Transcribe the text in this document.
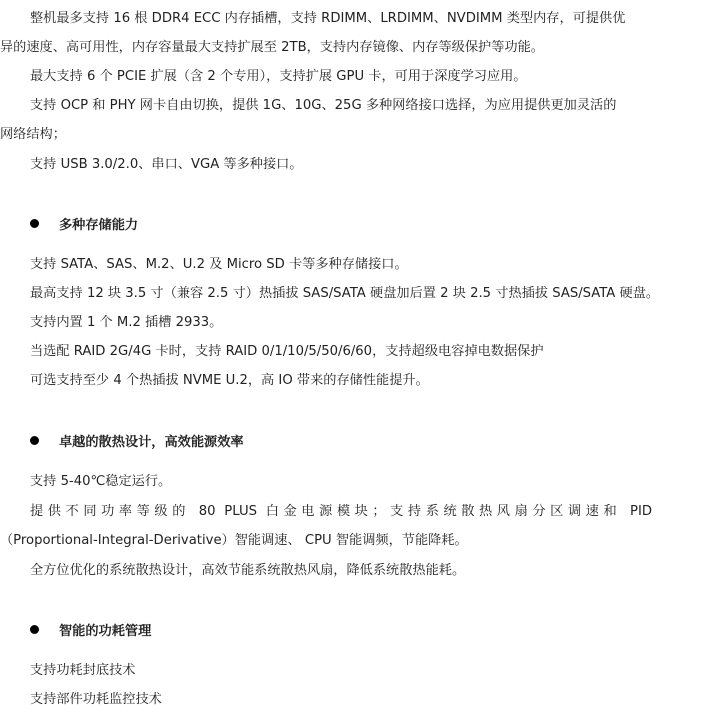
整机最多支持 16 根 DDR4 ECC 内存插槽，支持 RDIMM、LRDIMM、NVDIMM 类型内存，可提供优
异的速度、高可用性，内存容量最大支持扩展至 2TB，支持内存镜像、内存等级保护等功能。
最大支持 6 个 PCIE 扩展（含 2 个专用），支持扩展 GPU 卡，可用于深度学习应用。
支持 OCP 和 PHY 网卡自由切换，提供 1G、10G、25G 多种网络接口选择，为应用提供更加灵活的
网络结构；
支持 USB 3.0/2.0、串口、VGA 等多种接口。
多种存储能力
支持 SATA、SAS、M.2、U.2 及 Micro SD 卡等多种存储接口。
最高支持 12 块 3.5 寸（兼容 2.5 寸）热插拔 SAS/SATA 硬盘加后置 2 块 2.5 寸热插拔 SAS/SATA 硬盘。
支持内置 1 个 M.2 插槽 2933。
当选配 RAID 2G/4G 卡时，支持 RAID 0/1/10/5/50/6/60，支持超级电容掉电数据保护
可选支持至少 4 个热插拔 NVME U.2，高 IO 带来的存储性能提升。
卓越的散热设计，高效能源效率
支持 5-40℃稳定运行。
提供不同功率等级的 80 PLUS 白金电源模块；支持系统散热风扇分区调速和 PID
（Proportional-Integral-Derivative）智能调速、 CPU 智能调频，节能降耗。
全方位优化的系统散热设计，高效节能系统散热风扇，降低系统散热能耗。
智能的功耗管理
支持功耗封底技术
支持部件功耗监控技术
